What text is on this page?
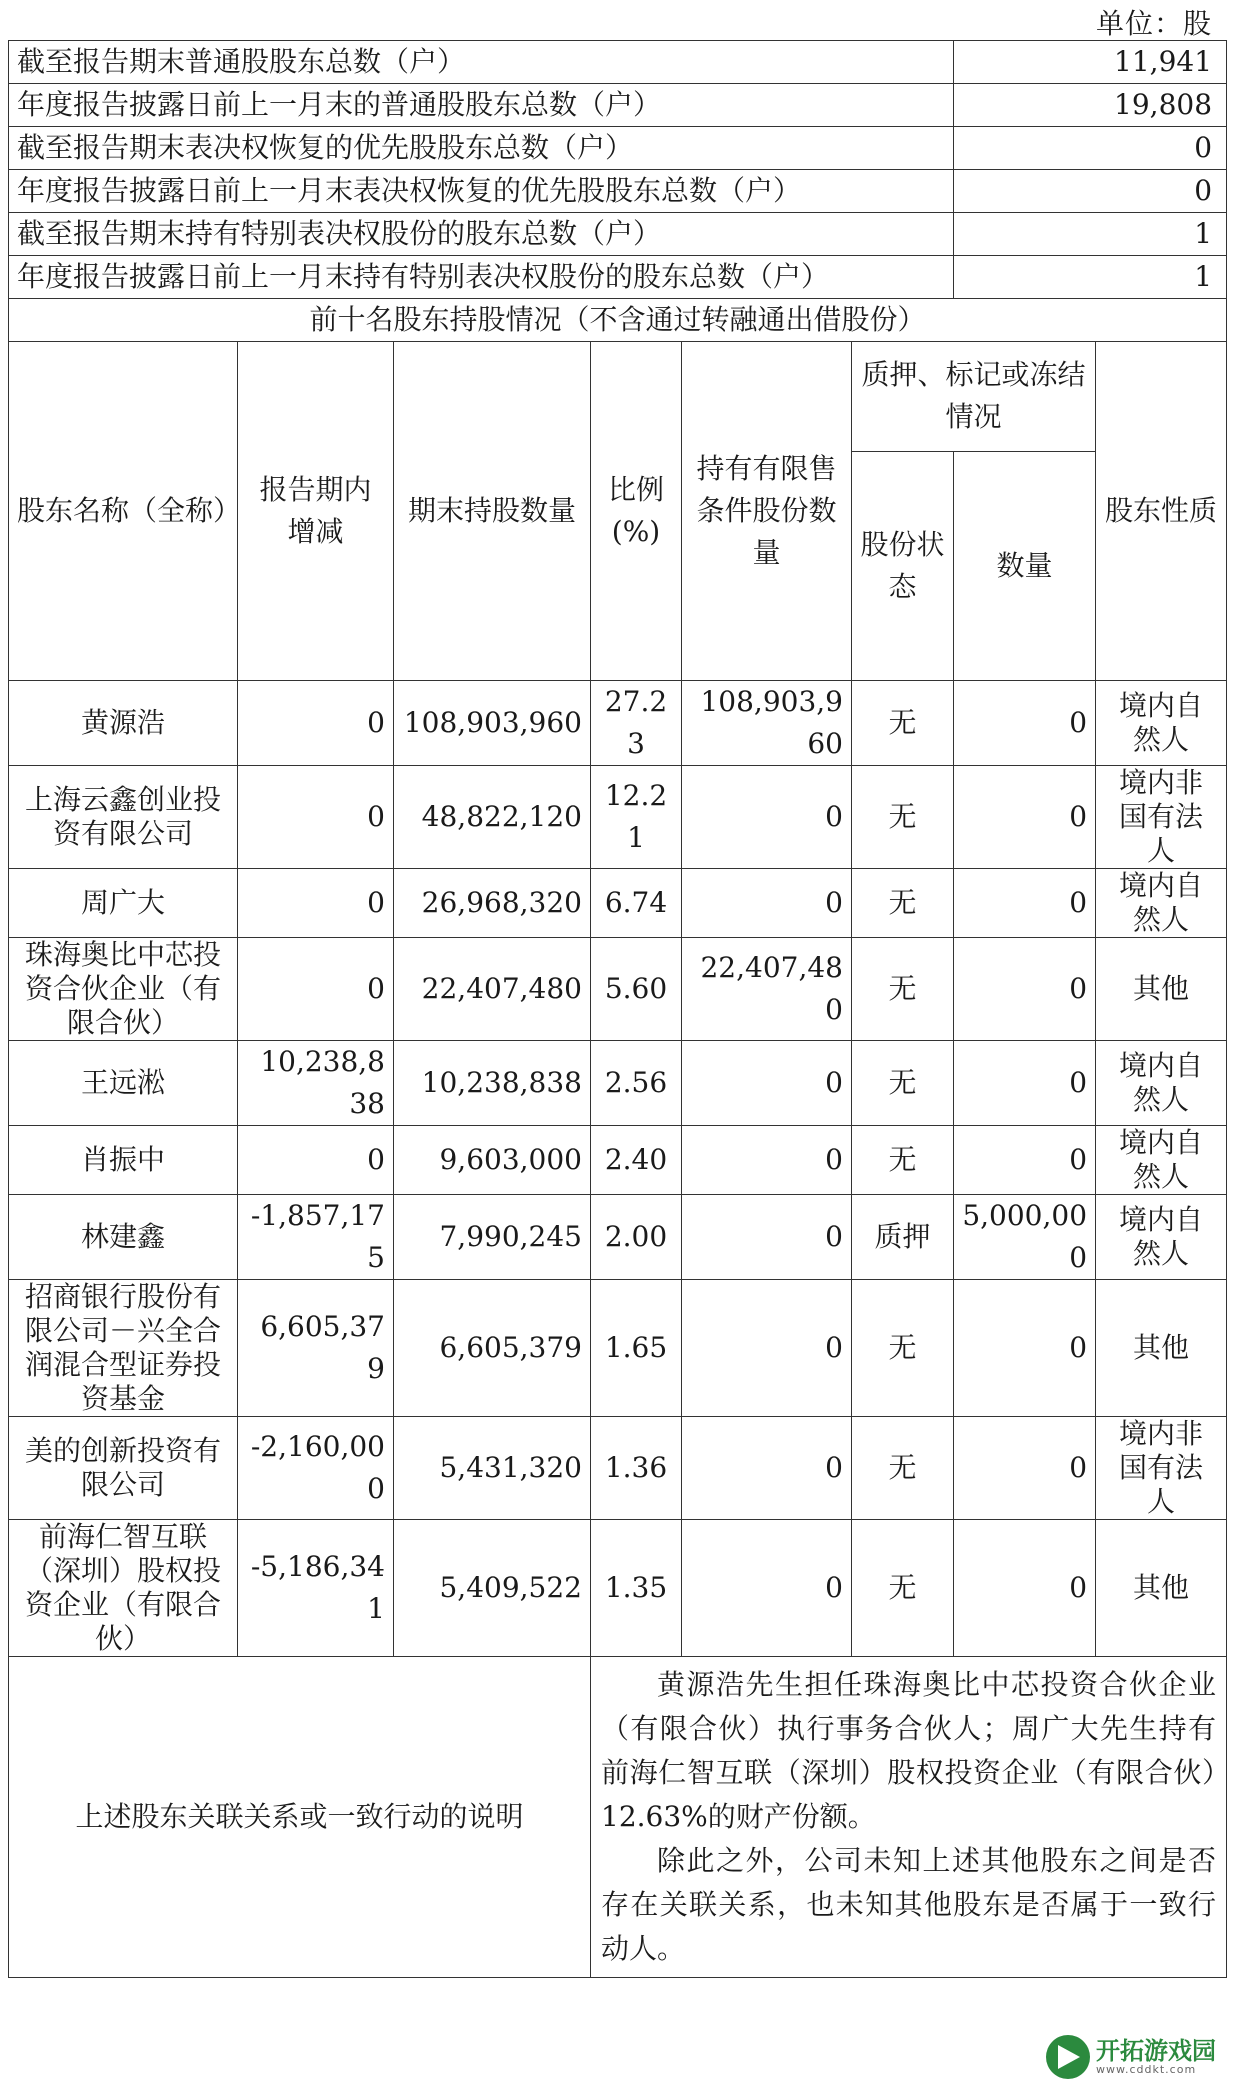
单位：股
截至报告期末普通股股东总数（户）						11,941	
年度报告披露日前上一月末的普通股股东总数（户）						19,808	
截至报告期末表决权恢复的优先股股东总数（户）						0	
年度报告披露日前上一月末表决权恢复的优先股股东总数（户）						0	
截至报告期末持有特别表决权股份的股东总数（户）						1	
年度报告披露日前上一月末持有特别表决权股份的股东总数（户）						1	
前十名股东持股情况（不含通过转融通出借股份）							
股东名称（全称）	报告期内增减	期末持股数量	比例(%)	持有有限售条件股份数量	质押、标记或冻结情况		股东性质
					股份状态	数量	
黄源浩	0	108,903,960	27.23	108,903,960	无	0	境内自然人
上海云鑫创业投资有限公司	0	48,822,120	12.21	0	无	0	境内非国有法人
周广大	0	26,968,320	6.74	0	无	0	境内自然人
珠海奥比中芯投资合伙企业（有限合伙）	0	22,407,480	5.60	22,407,480	无	0	其他
王远淞	10,238,838	10,238,838	2.56	0	无	0	境内自然人
肖振中	0	9,603,000	2.40	0	无	0	境内自然人
林建鑫	-1,857,175	7,990,245	2.00	0	质押	5,000,000	境内自然人
招商银行股份有限公司－兴全合润混合型证券投资基金	6,605,379	6,605,379	1.65	0	无	0	其他
美的创新投资有限公司	-2,160,000	5,431,320	1.36	0	无	0	境内非国有法人
前海仁智互联（深圳）股权投资企业（有限合伙）	-5,186,341	5,409,522	1.35	0	无	0	其他
上述股东关联关系或一致行动的说明			黄源浩先生担任珠海奥比中芯投资合伙企业（有限合伙）执行事务合伙人；周广大先生持有前海仁智互联（深圳）股权投资企业（有限合伙）12.63%的财产份额。

除此之外，公司未知上述其他股东之间是否存在关联关系，也未知其他股东是否属于一致行动人。				

开拓游戏园
www.cddkt.com
